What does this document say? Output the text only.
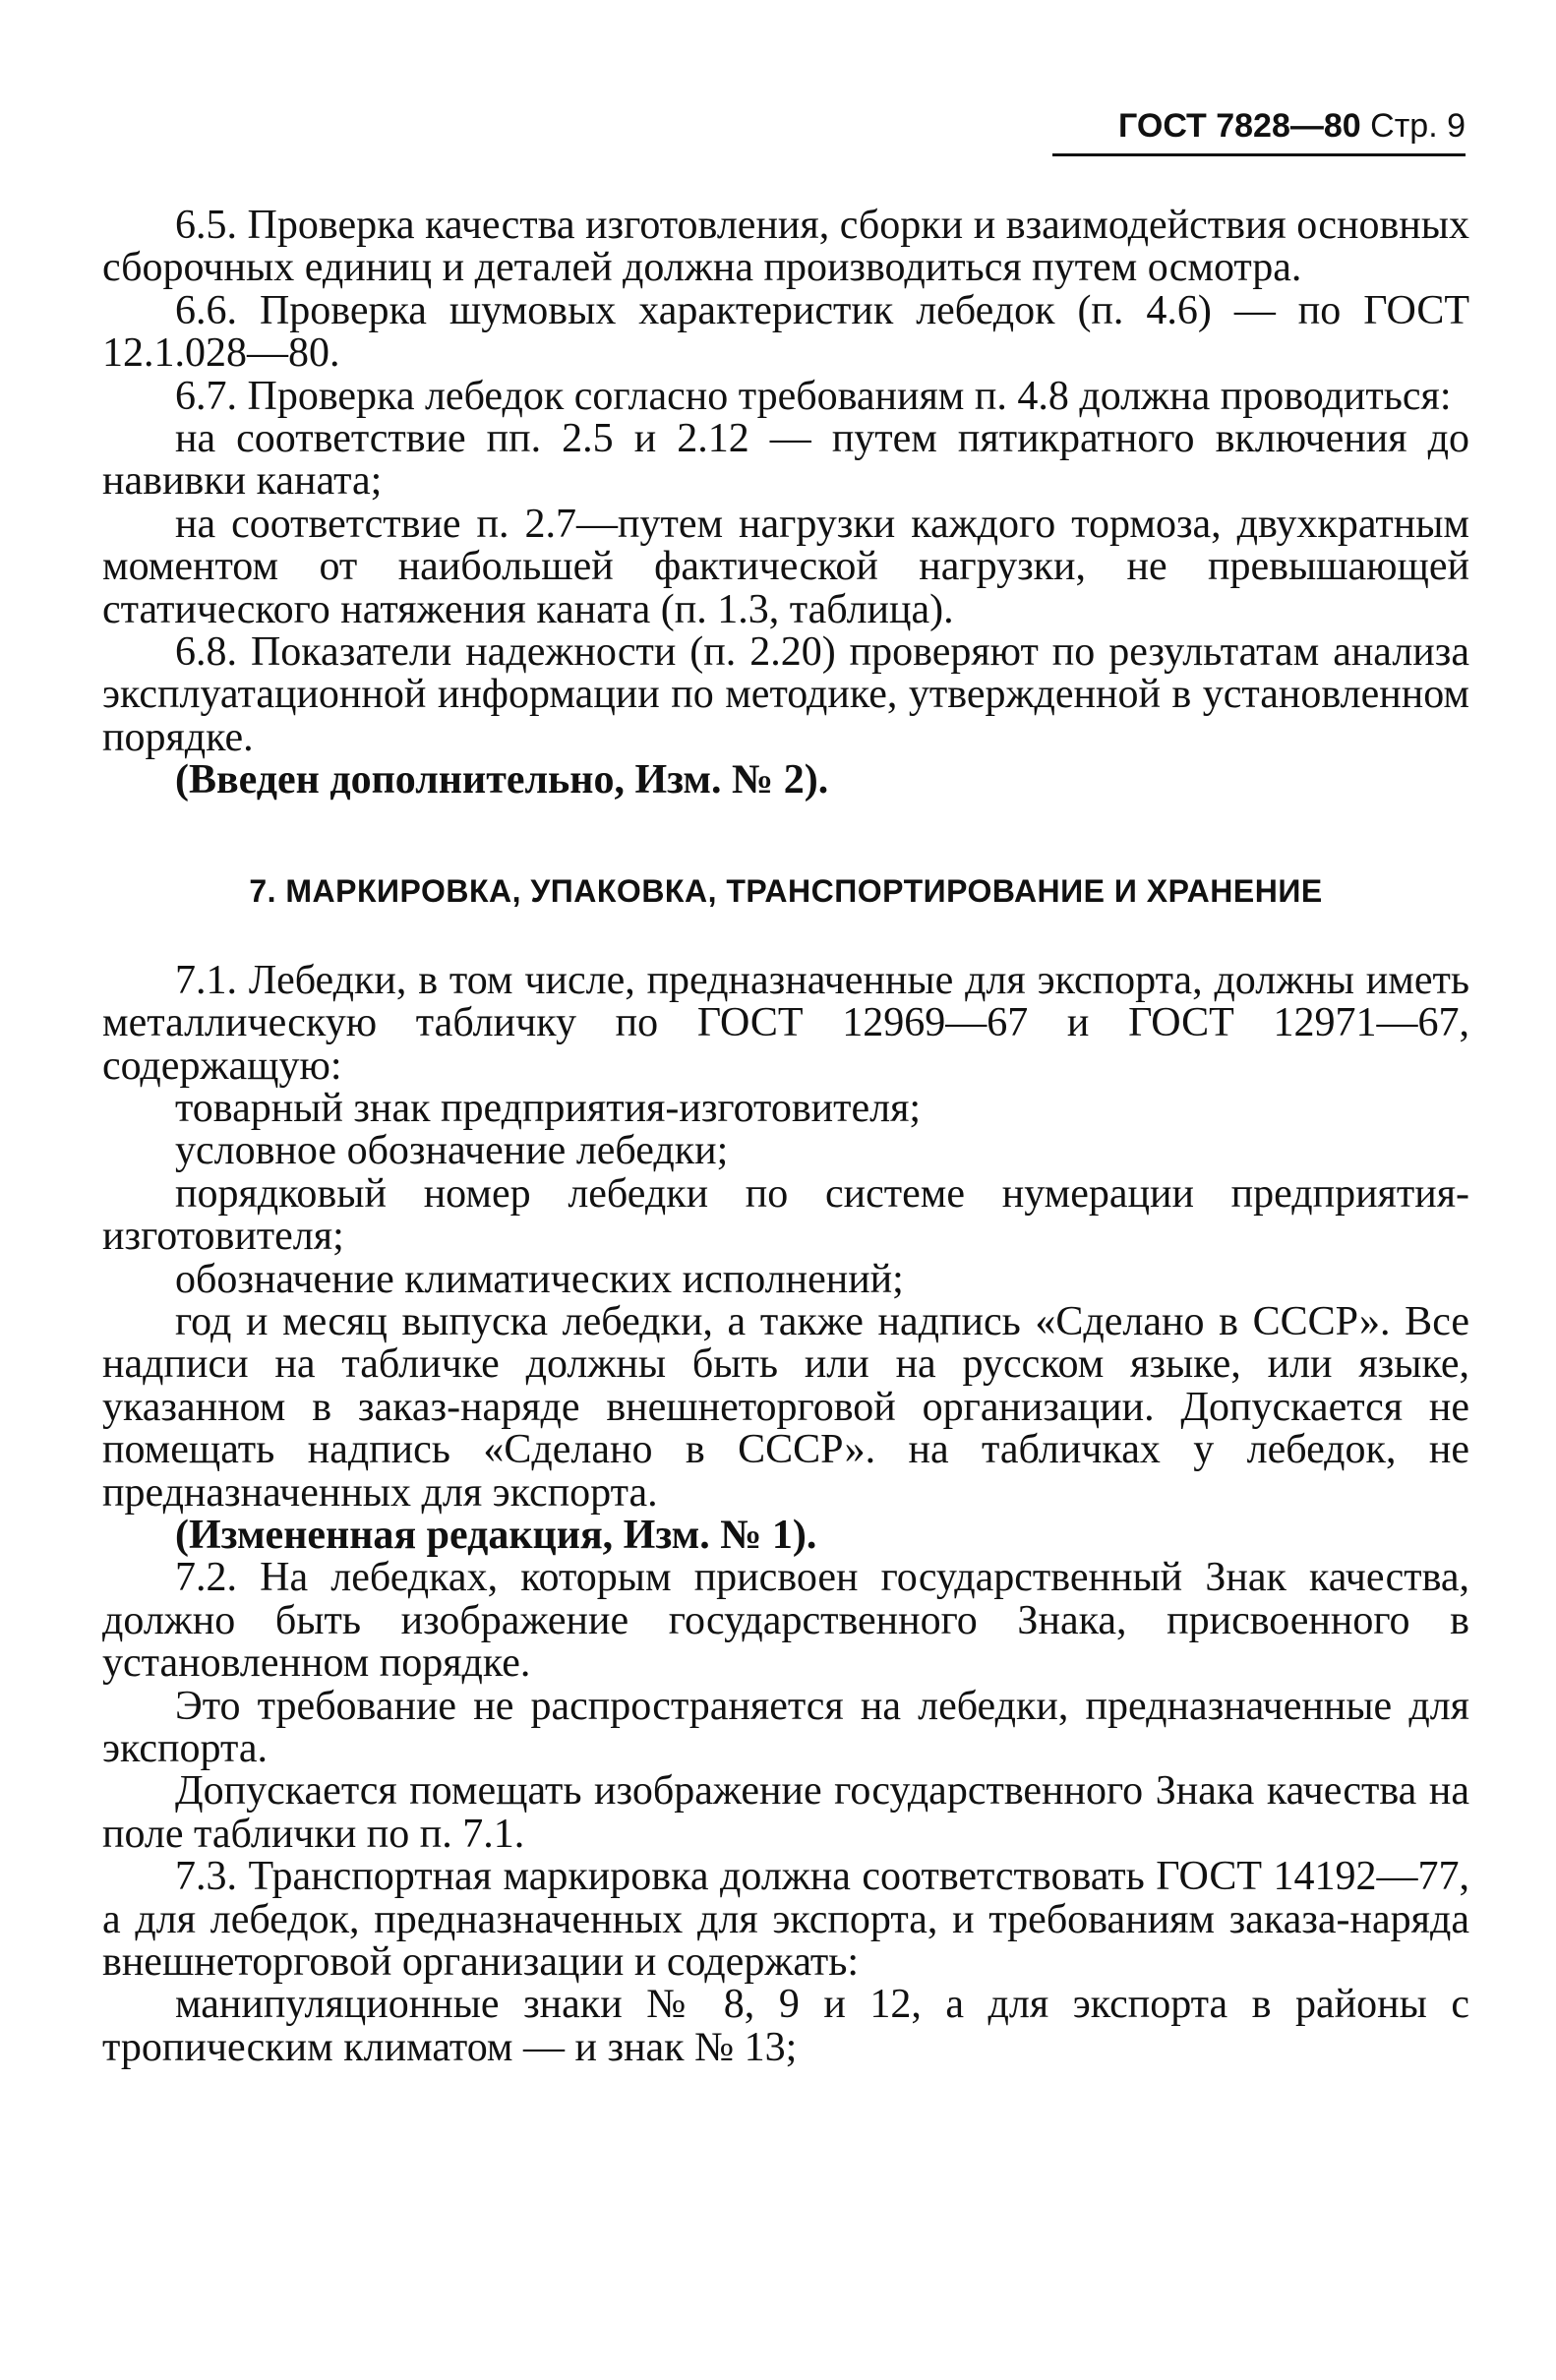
ГОСТ 7828—80 Стр. 9

6.5. Проверка качества изготовления, сборки и взаимодействия основных сборочных единиц и деталей должна производиться путем осмотра.

6.6. Проверка шумовых характеристик лебедок (п. 4.6) — по ГОСТ 12.1.028—80.

6.7. Проверка лебедок согласно требованиям п. 4.8 должна проводиться:

на соответствие пп. 2.5 и 2.12 — путем пятикратного включения до навивки каната;

на соответствие п. 2.7—путем нагрузки каждого тормоза, двухкратным моментом от наибольшей фактической нагрузки, не превышающей статического натяжения каната (п. 1.3, таблица).

6.8. Показатели надежности (п. 2.20) проверяют по результатам анализа эксплуатационной информации по методике, утвержденной в установленном порядке.

(Введен дополнительно, Изм. № 2).

7. МАРКИРОВКА, УПАКОВКА, ТРАНСПОРТИРОВАНИЕ И ХРАНЕНИЕ

7.1. Лебедки, в том числе, предназначенные для экспорта, должны иметь металлическую табличку по ГОСТ 12969—67 и ГОСТ 12971—67, содержащую:

товарный знак предприятия-изготовителя;

условное обозначение лебедки;

порядковый номер лебедки по системе нумерации предприятия-изготовителя;

обозначение климатических исполнений;

год и месяц выпуска лебедки, а также надпись «Сделано в СССР». Все надписи на табличке должны быть или на русском языке, или языке, указанном в заказ-наряде внешнеторговой организации. Допускается не помещать надпись «Сделано в СССР». на табличках у лебедок, не предназначенных для экспорта.

(Измененная редакция, Изм. № 1).

7.2. На лебедках, которым присвоен государственный Знак качества, должно быть изображение государственного Знака, присвоенного в установленном порядке.

Это требование не распространяется на лебедки, предназначенные для экспорта.

Допускается помещать изображение государственного Знака качества на поле таблички по п. 7.1.

7.3. Транспортная маркировка должна соответствовать ГОСТ 14192—77, а для лебедок, предназначенных для экспорта, и требованиям заказа-наряда внешнеторговой организации и содержать:

манипуляционные знаки № 8, 9 и 12, а для экспорта в районы с тропическим климатом — и знак № 13;
